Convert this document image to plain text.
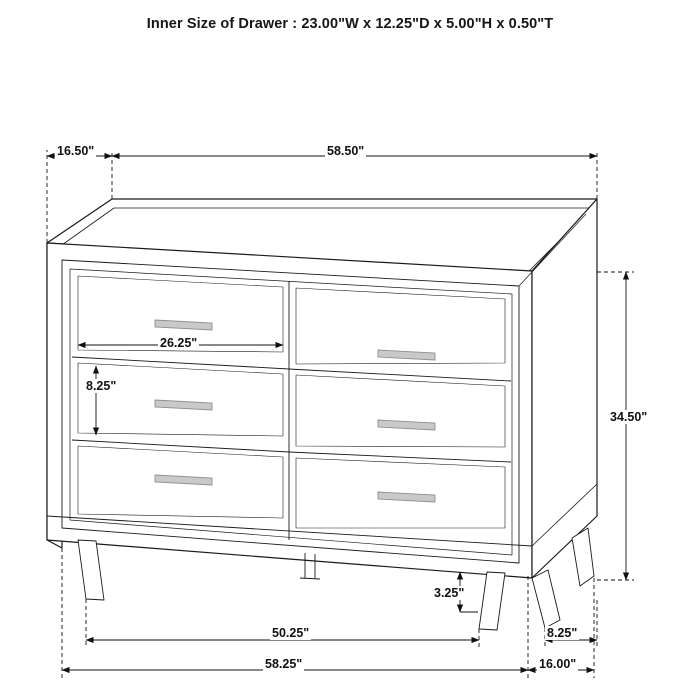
Inner Size of Drawer : 23.00"W x 12.25"D x 5.00"H x 0.50"T
16.50"	58.50"
26.25"
8.25"
34.50"
50.25"
58.25"
3.25"
8.25"
16.00"
